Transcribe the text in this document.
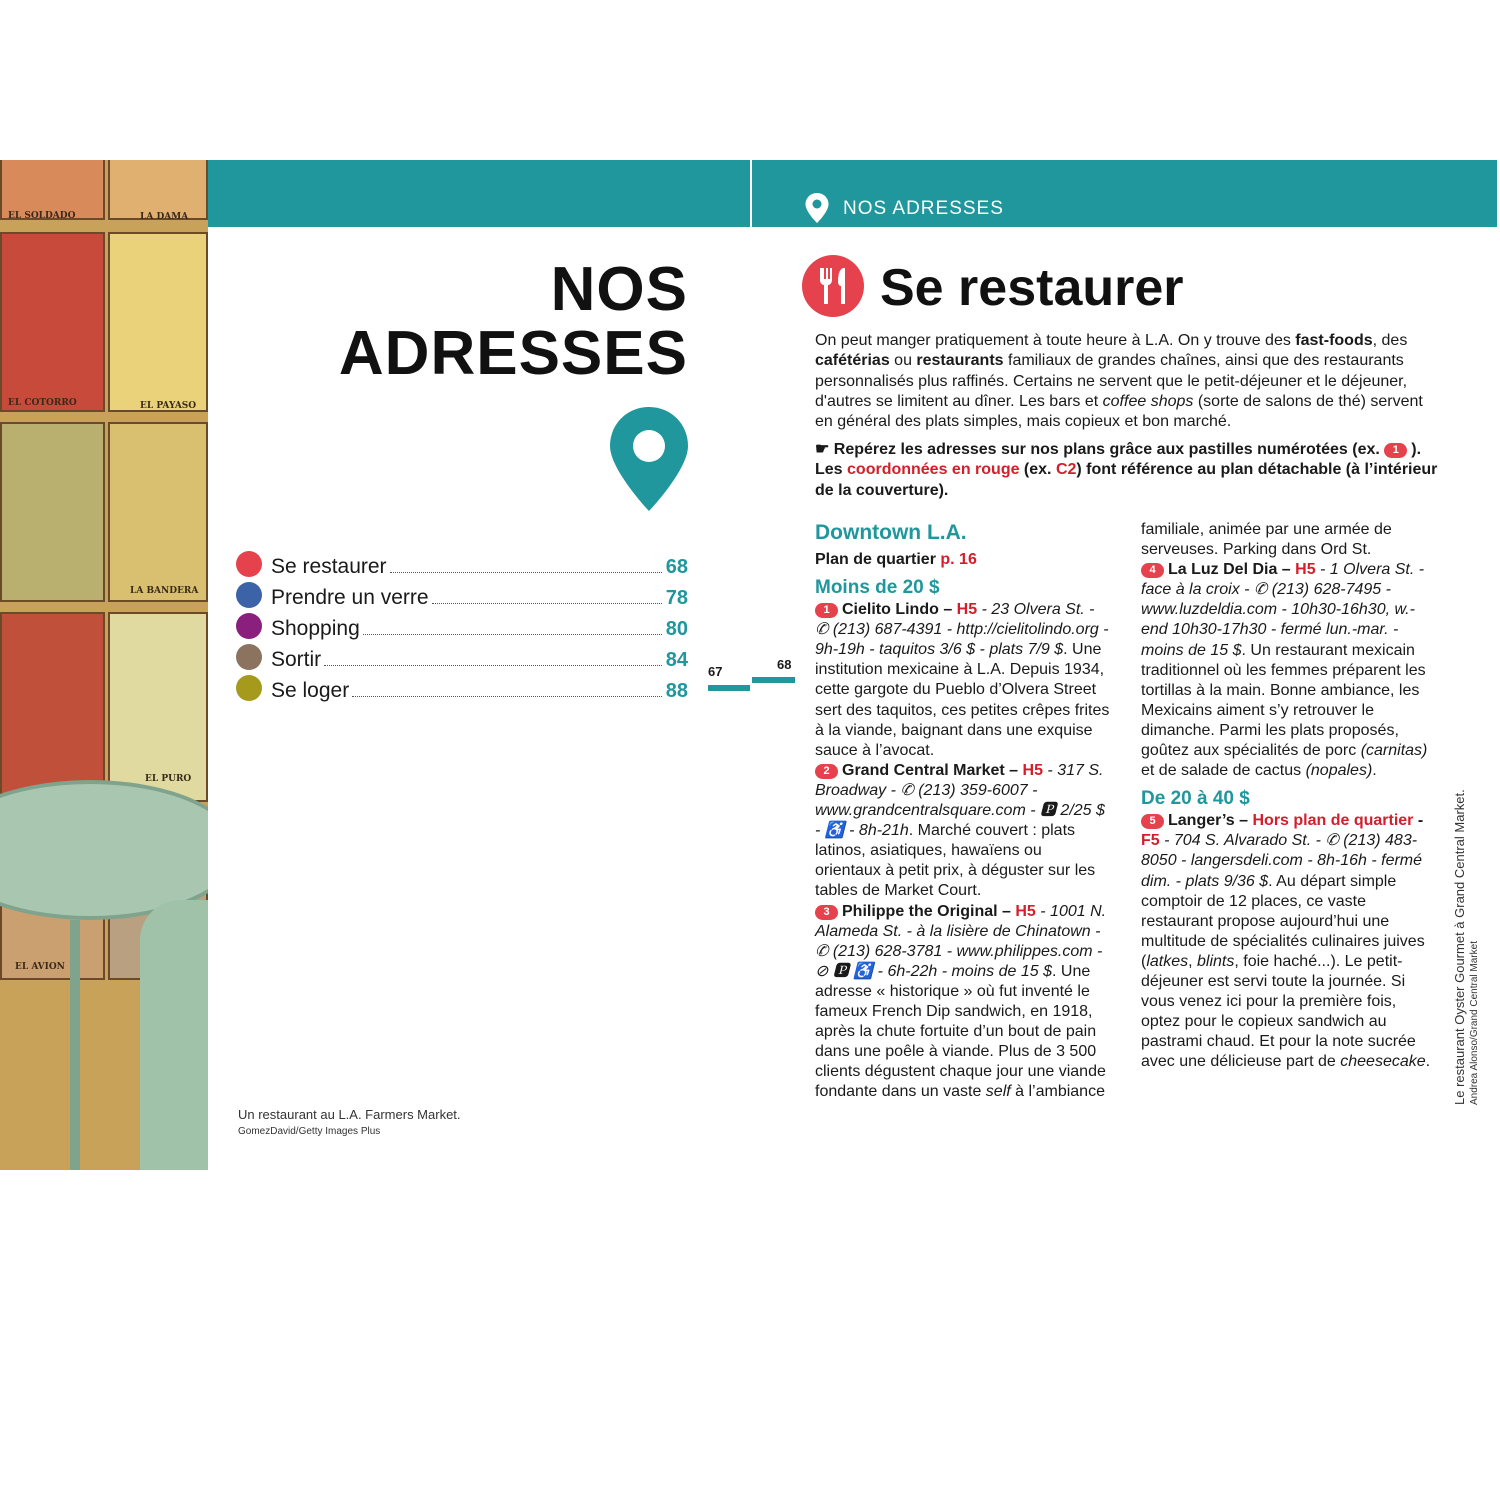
EL SOLDADO	LA DAMA
EL COTORRO	EL PAYASO
LA BANDERA
EL PURO
EL AVION
NOS ADRESSES
NOS
ADRESSES
Se restaurer	68
Prendre un verre	78
Shopping	80
Sortir	84
Se loger	88
67	68
Un restaurant au L.A. Farmers Market.
GomezDavid/Getty Images Plus
Se restaurer
On peut manger pratiquement à toute heure à L.A. On y trouve des fast-foods, des cafétérias ou restaurants familiaux de grandes chaînes, ainsi que des restaurants personnalisés plus raffinés. Certains ne servent que le petit-déjeuner et le déjeuner, d'autres se limitent au dîner. Les bars et coffee shops (sorte de salons de thé) servent en général des plats simples, mais copieux et bon marché.
☛ Repérez les adresses sur nos plans grâce aux pastilles numérotées (ex. 1 ). Les coordonnées en rouge (ex. C2) font référence au plan détachable (à l’intérieur de la couverture).
Downtown L.A.
Plan de quartier p. 16
Moins de 20 $

1 Cielito Lindo – H5 - 23 Olvera St. - ✆ (213) 687-4391 - http://cielitolindo.org - 9h-19h - taquitos 3/6 $ - plats 7/9 $. Une institution mexicaine à L.A. Depuis 1934, cette gargote du Pueblo d’Olvera Street sert des taquitos, ces petites crêpes frites à la viande, baignant dans une exquise sauce à l’avocat.

2 Grand Central Market – H5 - 317 S. Broadway - ✆ (213) 359-6007 - www.grandcentralsquare.com - 🅿 2/25 $ - ♿ - 8h-21h. Marché couvert : plats latinos, asiatiques, hawaïens ou orientaux à petit prix, à déguster sur les tables de Market Court.

3 Philippe the Original – H5 - 1001 N. Alameda St. - à la lisière de Chinatown - ✆ (213) 628-3781 - www.philippes.com - ⊘ 🅿 ♿ - 6h-22h - moins de 15 $. Une adresse « historique » où fut inventé le fameux French Dip sandwich, en 1918, après la chute fortuite d’un bout de pain dans une poêle à viande. Plus de 3 500 clients dégustent chaque jour une viande fondante dans un vaste self à l’ambiance familiale, animée par une armée de serveuses. Parking dans Ord St.

4 La Luz Del Dia – H5 - 1 Olvera St. - face à la croix - ✆ (213) 628-7495 - www.luzdeldia.com - 10h30-16h30, w.-end 10h30-17h30 - fermé lun.-mar. - moins de 15 $. Un restaurant mexicain traditionnel où les femmes préparent les tortillas à la main. Bonne ambiance, les Mexicains aiment s’y retrouver le dimanche. Parmi les plats proposés, goûtez aux spécialités de porc (carnitas) et de salade de cactus (nopales).

De 20 à 40 $

5 Langer’s – Hors plan de quartier - F5 - 704 S. Alvarado St. - ✆ (213) 483-8050 - langersdeli.com - 8h-16h - fermé dim. - plats 9/36 $. Au départ simple comptoir de 12 places, ce vaste restaurant propose aujourd’hui une multitude de spécialités culinaires juives (latkes, blints, foie haché...). Le petit-déjeuner est servi toute la journée. Si vous venez ici pour la première fois, optez pour le copieux sandwich au pastrami chaud. Et pour la note sucrée avec une délicieuse part de cheesecake.	Le restaurant Oyster Gourmet à Grand Central Market. Andrea Alonso/Grand Central Market
